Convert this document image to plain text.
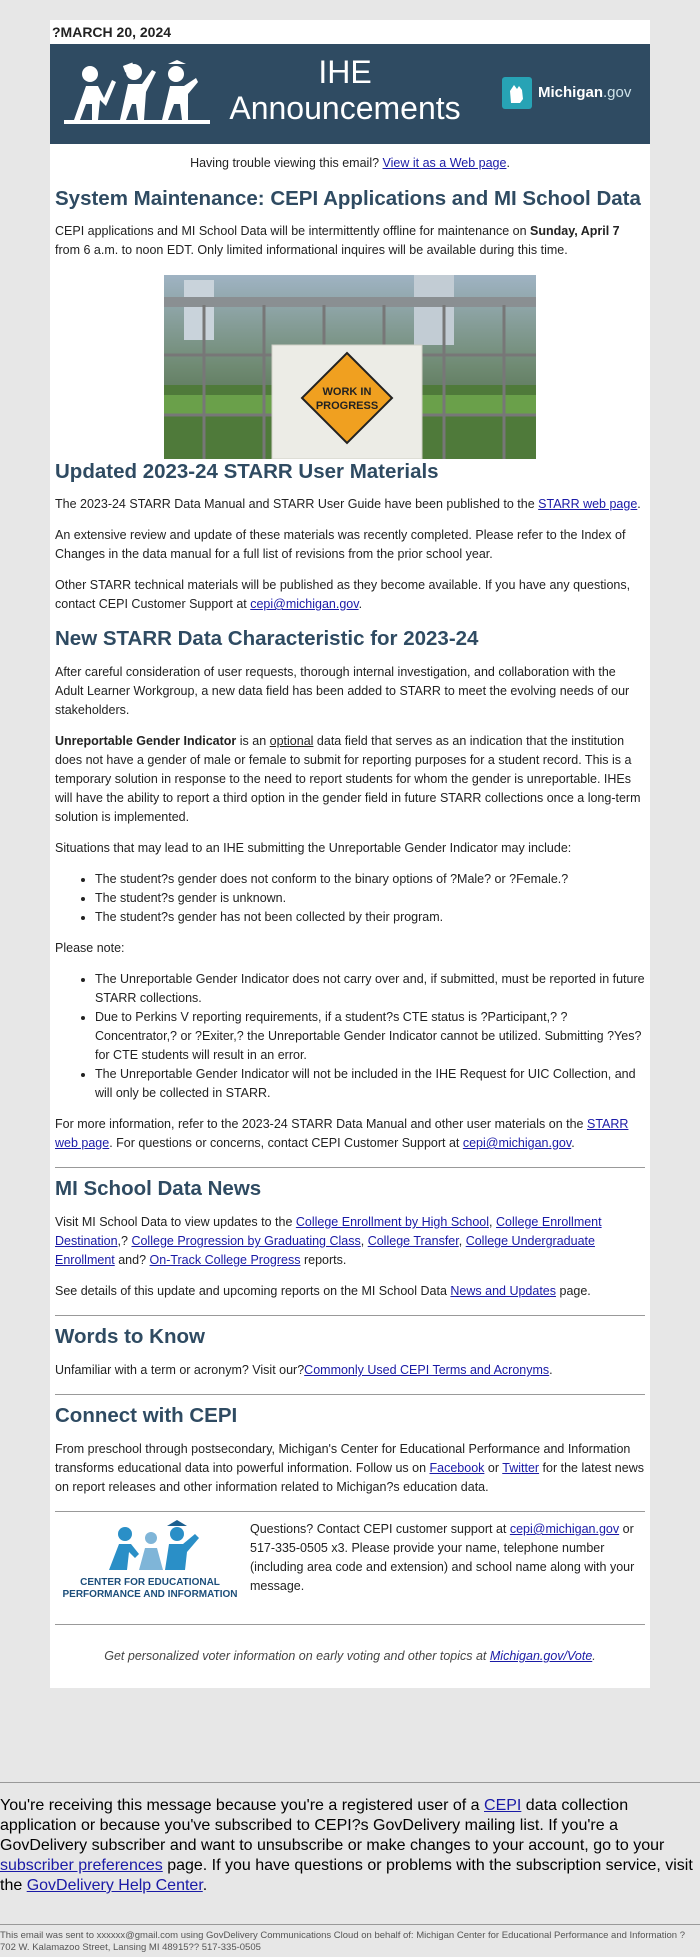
?MARCH 20, 2024
IHE
Announcements	Michigan.gov
Having trouble viewing this email? View it as a Web page.
System Maintenance: CEPI Applications and MI School Data

CEPI applications and MI School Data will be intermittently offline for maintenance on Sunday, April 7 from 6 a.m. to noon EDT. Only limited informational inquires will be available during this time.

WORK IN
PROGRESS
Updated 2023-24 STARR User Materials

The 2023-24 STARR Data Manual and STARR User Guide have been published to the STARR web page.

An extensive review and update of these materials was recently completed. Please refer to the Index of Changes in the data manual for a full list of revisions from the prior school year.

Other STARR technical materials will be published as they become available. If you have any questions, contact CEPI Customer Support at cepi@michigan.gov.

New STARR Data Characteristic for 2023-24

After careful consideration of user requests, thorough internal investigation, and collaboration with the Adult Learner Workgroup, a new data field has been added to STARR to meet the evolving needs of our stakeholders.

Unreportable Gender Indicator is an optional data field that serves as an indication that the institution does not have a gender of male or female to submit for reporting purposes for a student record. This is a temporary solution in response to the need to report students for whom the gender is unreportable. IHEs will have the ability to report a third option in the gender field in future STARR collections once a long-term solution is implemented.

Situations that may lead to an IHE submitting the Unreportable Gender Indicator may include:

• The student?s gender does not conform to the binary options of ?Male? or ?Female.?
• The student?s gender is unknown.
• The student?s gender has not been collected by their program.

Please note:

• The Unreportable Gender Indicator does not carry over and, if submitted, must be reported in future STARR collections.
• Due to Perkins V reporting requirements, if a student?s CTE status is ?Participant,? ?Concentrator,? or ?Exiter,? the Unreportable Gender Indicator cannot be utilized. Submitting ?Yes? for CTE students will result in an error.
• The Unreportable Gender Indicator will not be included in the IHE Request for UIC Collection, and will only be collected in STARR.

For more information, refer to the 2023-24 STARR Data Manual and other user materials on the STARR web page. For questions or concerns, contact CEPI Customer Support at cepi@michigan.gov.

MI School Data News

Visit MI School Data to view updates to the College Enrollment by High School, College Enrollment Destination,? College Progression by Graduating Class, College Transfer, College Undergraduate Enrollment and? On-Track College Progress reports.

See details of this update and upcoming reports on the MI School Data News and Updates page.

Words to Know

Unfamiliar with a term or acronym? Visit our?Commonly Used CEPI Terms and Acronyms.

Connect with CEPI

From preschool through postsecondary, Michigan's Center for Educational Performance and Information transforms educational data into powerful information. Follow us on Facebook or Twitter for the latest news on report releases and other information related to Michigan?s education data.

CENTER FOR EDUCATIONAL
PERFORMANCE AND INFORMATION

Questions? Contact CEPI customer support at cepi@michigan.gov or 517-335-0505 x3. Please provide your name, telephone number (including area code and extension) and school name along with your message.

Get personalized voter information on early voting and other topics at Michigan.gov/Vote.

You're receiving this message because you're a registered user of a CEPI data collection application or because you've subscribed to CEPI?s GovDelivery mailing list. If you're a GovDelivery subscriber and want to unsubscribe or make changes to your account, go to your subscriber preferences page. If you have questions or problems with the subscription service, visit the GovDelivery Help Center.
This email was sent to xxxxxx@gmail.com using GovDelivery Communications Cloud on behalf of: Michigan Center for Educational Performance and Information ? 702 W. Kalamazoo Street, Lansing MI 48915?? 517-335-0505
